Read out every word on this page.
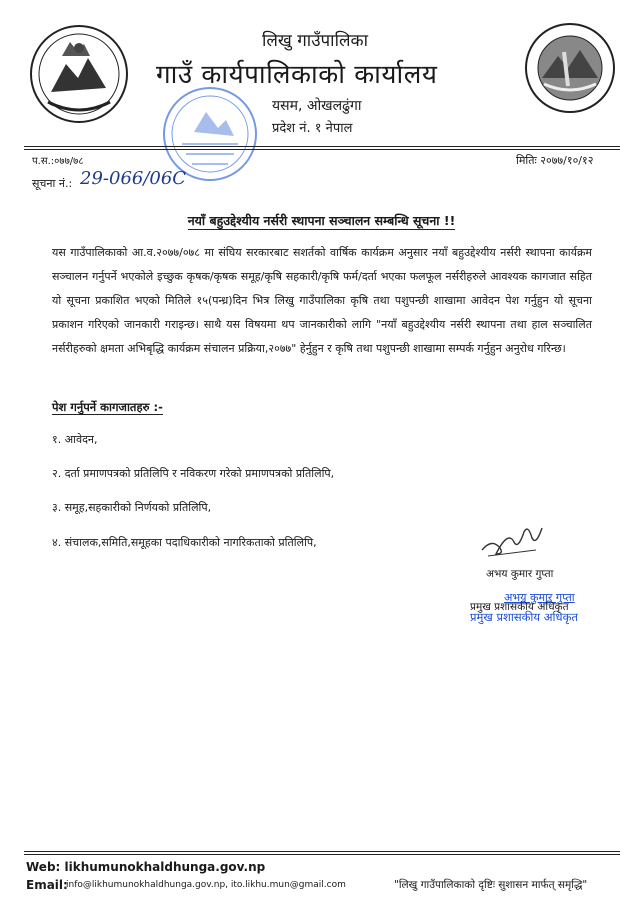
लिखु गाउँपालिका
गाउँ कार्यपालिकाको कार्यालय
यसम, ओखलढुंगा
प्रदेश नं. १ नेपाल
प.स.:०७७/७८	मितिः २०७७/१०/१२
सूचना नं.: 29-066/06C
नयाँ बहुउद्देश्यीय नर्सरी स्थापना सञ्चालन सम्बन्धि सूचना !!
यस गाउँपालिकाको आ.व.२०७७/०७८ मा संघिय सरकारबाट सशर्तको वार्षिक कार्यक्रम अनुसार नयाँ बहुउद्देश्यीय नर्सरी स्थापना कार्यक्रम सञ्चालन गर्नुपर्ने भएकोले इच्छुक कृषक/कृषक समूह/कृषि सहकारी/कृषि फर्म/दर्ता भएका फलफूल नर्सरीहरुले आवश्यक कागजात सहित यो सूचना प्रकाशित भएको मितिले १५(पन्ध्र)दिन भित्र लिखु गाउँपालिका कृषि तथा पशुपन्छी शाखामा आवेदन पेश गर्नुहुन यो सूचना प्रकाशन गरिएको जानकारी गराइन्छ। साथै यस विषयमा थप जानकारीको लागि "नयाँ बहुउद्देश्यीय नर्सरी स्थापना तथा हाल सञ्चालित नर्सरीहरुको क्षमता अभिबृद्धि कार्यक्रम संचालन प्रक्रिया,२०७७" हेर्नुहुन र कृषि तथा पशुपन्छी शाखामा सम्पर्क गर्नुहुन अनुरोध गरिन्छ।
पेश गर्नुपर्ने कागजातहरु :-
१. आवेदन,
२. दर्ता प्रमाणपत्रको प्रतिलिपि र नविकरण गरेको प्रमाणपत्रको प्रतिलिपि,
३. समूह,सहकारीको निर्णयको प्रतिलिपि,
४. संचालक,समिति,समूहका पदाधिकारीको नागरिकताको प्रतिलिपि,
अभय कुमार गुप्ता
अभय कुमार गुप्ता
प्रमुख प्रशासकीय अधिकृत
प्रमुख प्रशासकीय अधिकृत
Web: likhumunokhaldhunga.gov.np
Email:
info@likhumunokhaldhunga.gov.np, ito.likhu.mun@gmail.com	"लिखु गाउँपालिकाको दृष्टिः सुशासन मार्फत् समृद्धि"
